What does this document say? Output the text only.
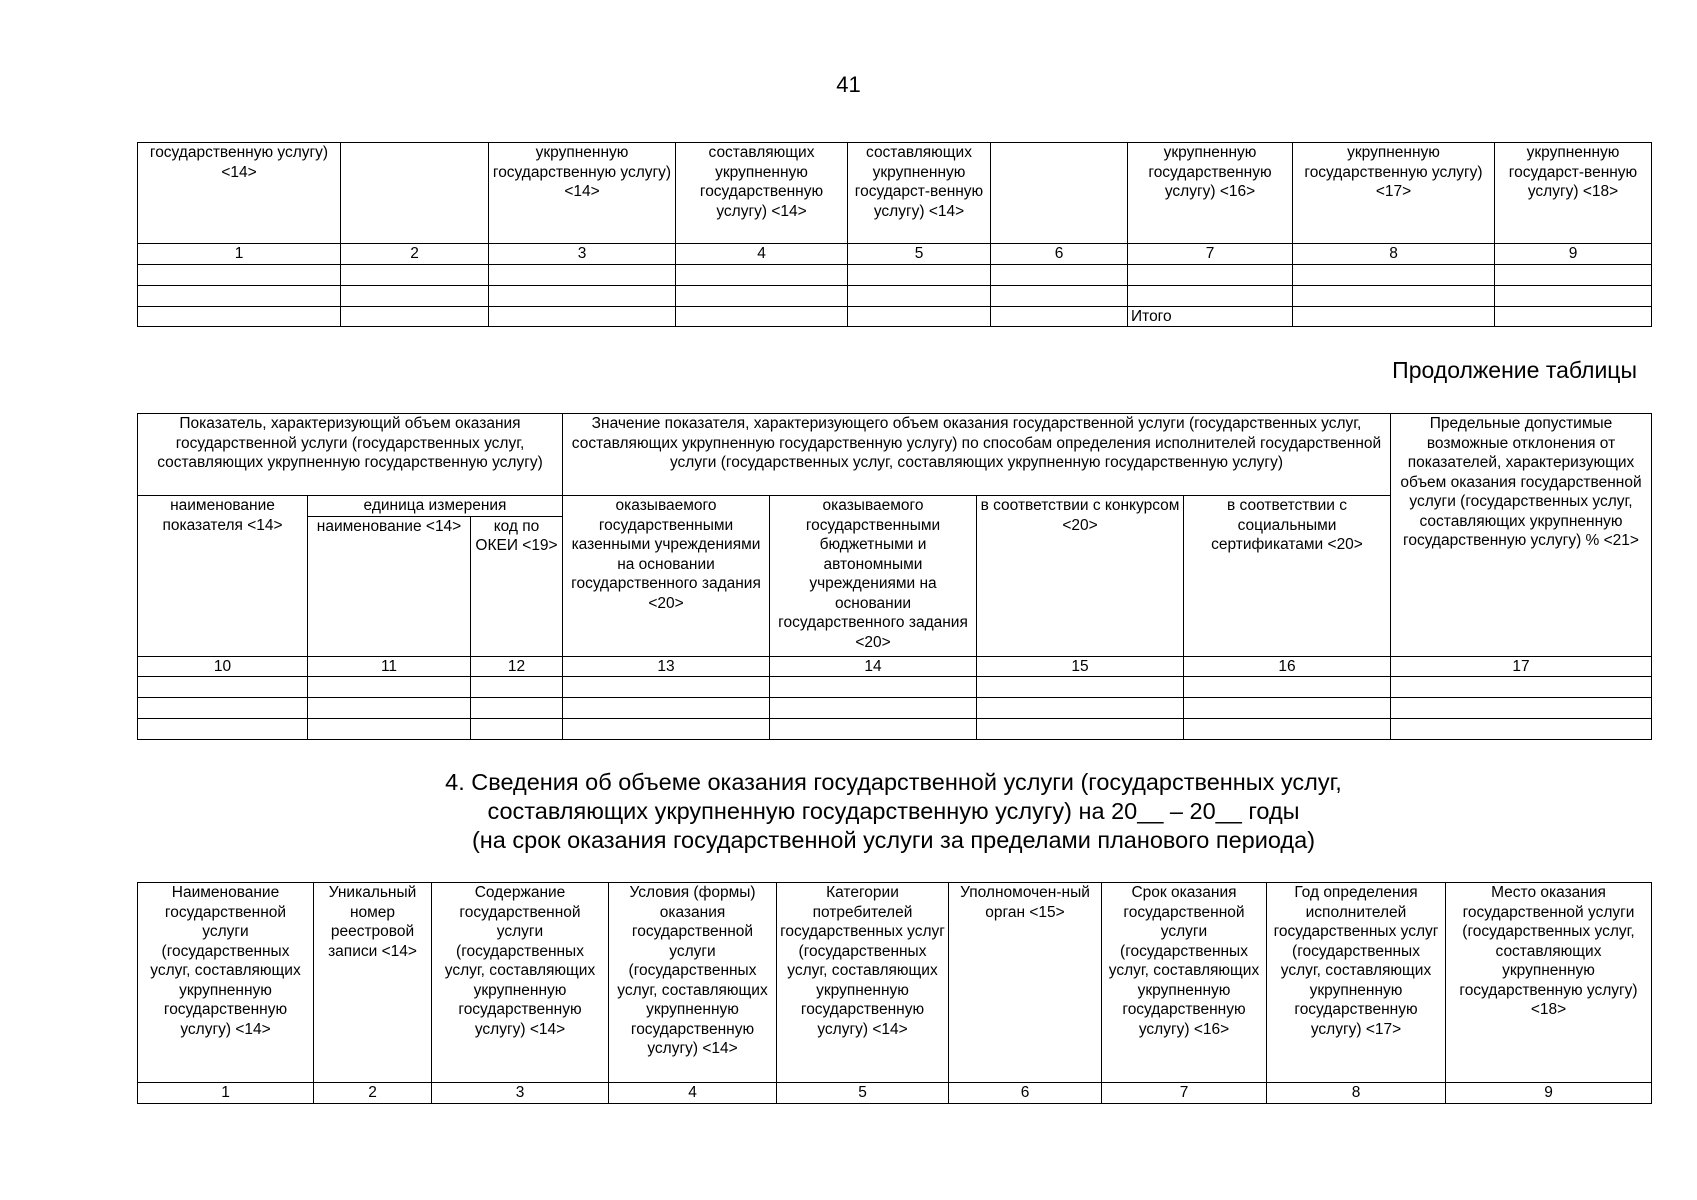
41
государственную услугу) <14>		укрупненную государственную услугу) <14>	составляющих укрупненную государственную услугу) <14>	составляющих укрупненную государст-венную услугу) <14>		укрупненную государственную услугу) <16>	укрупненную государственную услугу) <17>	укрупненную государст-венную услугу) <18>
1	2	3	4	5	6	7	8	9

						Итого		
Продолжение таблицы
Показатель, характеризующий объем оказания государственной услуги (государственных услуг, составляющих укрупненную государственную услугу)			Значение показателя, характеризующего объем оказания государственной услуги (государственных услуг, составляющих укрупненную государственную услугу) по способам определения исполнителей государственной услуги (государственных услуг, составляющих укрупненную государственную услугу)				Предельные допустимые возможные отклонения от показателей, характеризующих объем оказания государственной услуги (государственных услуг, составляющих укрупненную государственную услугу) % <21>
наименование показателя <14>	единица измерения		оказываемого государственными казенными учреждениями на основании государственного задания <20>	оказываемого государственными бюджетными и автономными учреждениями на основании государственного задания <20>	в соответствии с конкурсом <20>	в соответствии с социальными сертификатами <20>	
	наименование <14>	код по ОКЕИ <19>					
10	11	12	13	14	15	16	17

4. Сведения об объеме оказания государственной услуги (государственных услуг,
составляющих укрупненную государственную услугу) на 20__ – 20__ годы
(на срок оказания государственной услуги за пределами планового периода)
Наименование государственной услуги (государственных услуг, составляющих укрупненную государственную услугу) <14>	Уникальный номер реестровой записи <14>	Содержание государственной услуги (государственных услуг, составляющих укрупненную государственную услугу) <14>	Условия (формы) оказания государственной услуги (государственных услуг, составляющих укрупненную государственную услугу) <14>	Категории потребителей государственных услуг (государственных услуг, составляющих укрупненную государственную услугу) <14>	Уполномочен-ный орган <15>	Срок оказания государственной услуги (государственных услуг, составляющих укрупненную государственную услугу) <16>	Год определения исполнителей государственных услуг (государственных услуг, составляющих укрупненную государственную услугу) <17>	Место оказания государственной услуги (государственных услуг, составляющих укрупненную государственную услугу) <18>
1	2	3	4	5	6	7	8	9
